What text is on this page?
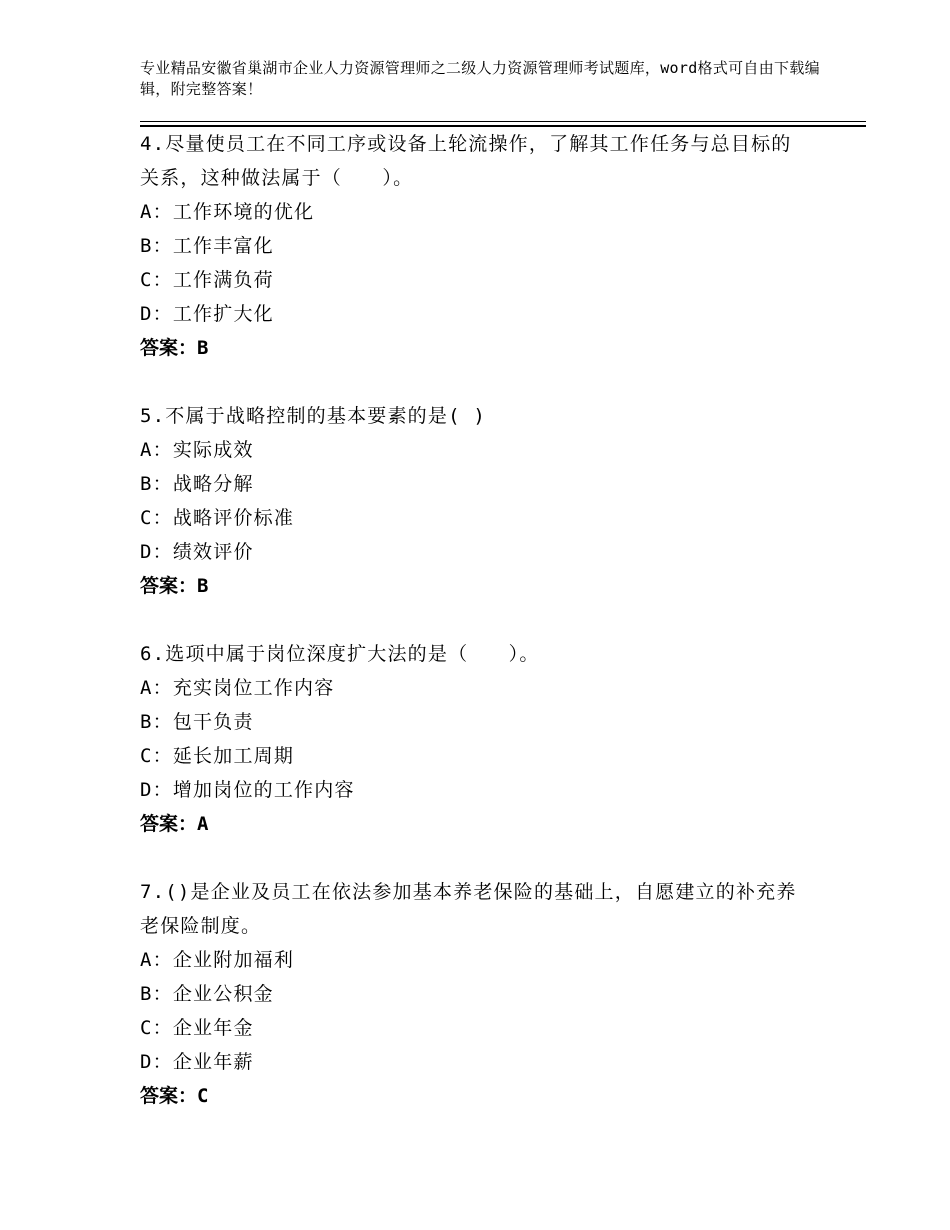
专业精品安徽省巢湖市企业人力资源管理师之二级人力资源管理师考试题库，word格式可自由下载编辑，附完整答案！

4.尽量使员工在不同工序或设备上轮流操作，了解其工作任务与总目标的关系，这种做法属于（　　）。

A：工作环境的优化

B：工作丰富化

C：工作满负荷

D：工作扩大化

答案：B

5.不属于战略控制的基本要素的是( )

A：实际成效

B：战略分解

C：战略评价标准

D：绩效评价

答案：B

6.选项中属于岗位深度扩大法的是（　　）。

A：充实岗位工作内容

B：包干负责

C：延长加工周期

D：增加岗位的工作内容

答案：A

7.()是企业及员工在依法参加基本养老保险的基础上，自愿建立的补充养老保险制度。

A：企业附加福利

B：企业公积金

C：企业年金

D：企业年薪

答案：C
